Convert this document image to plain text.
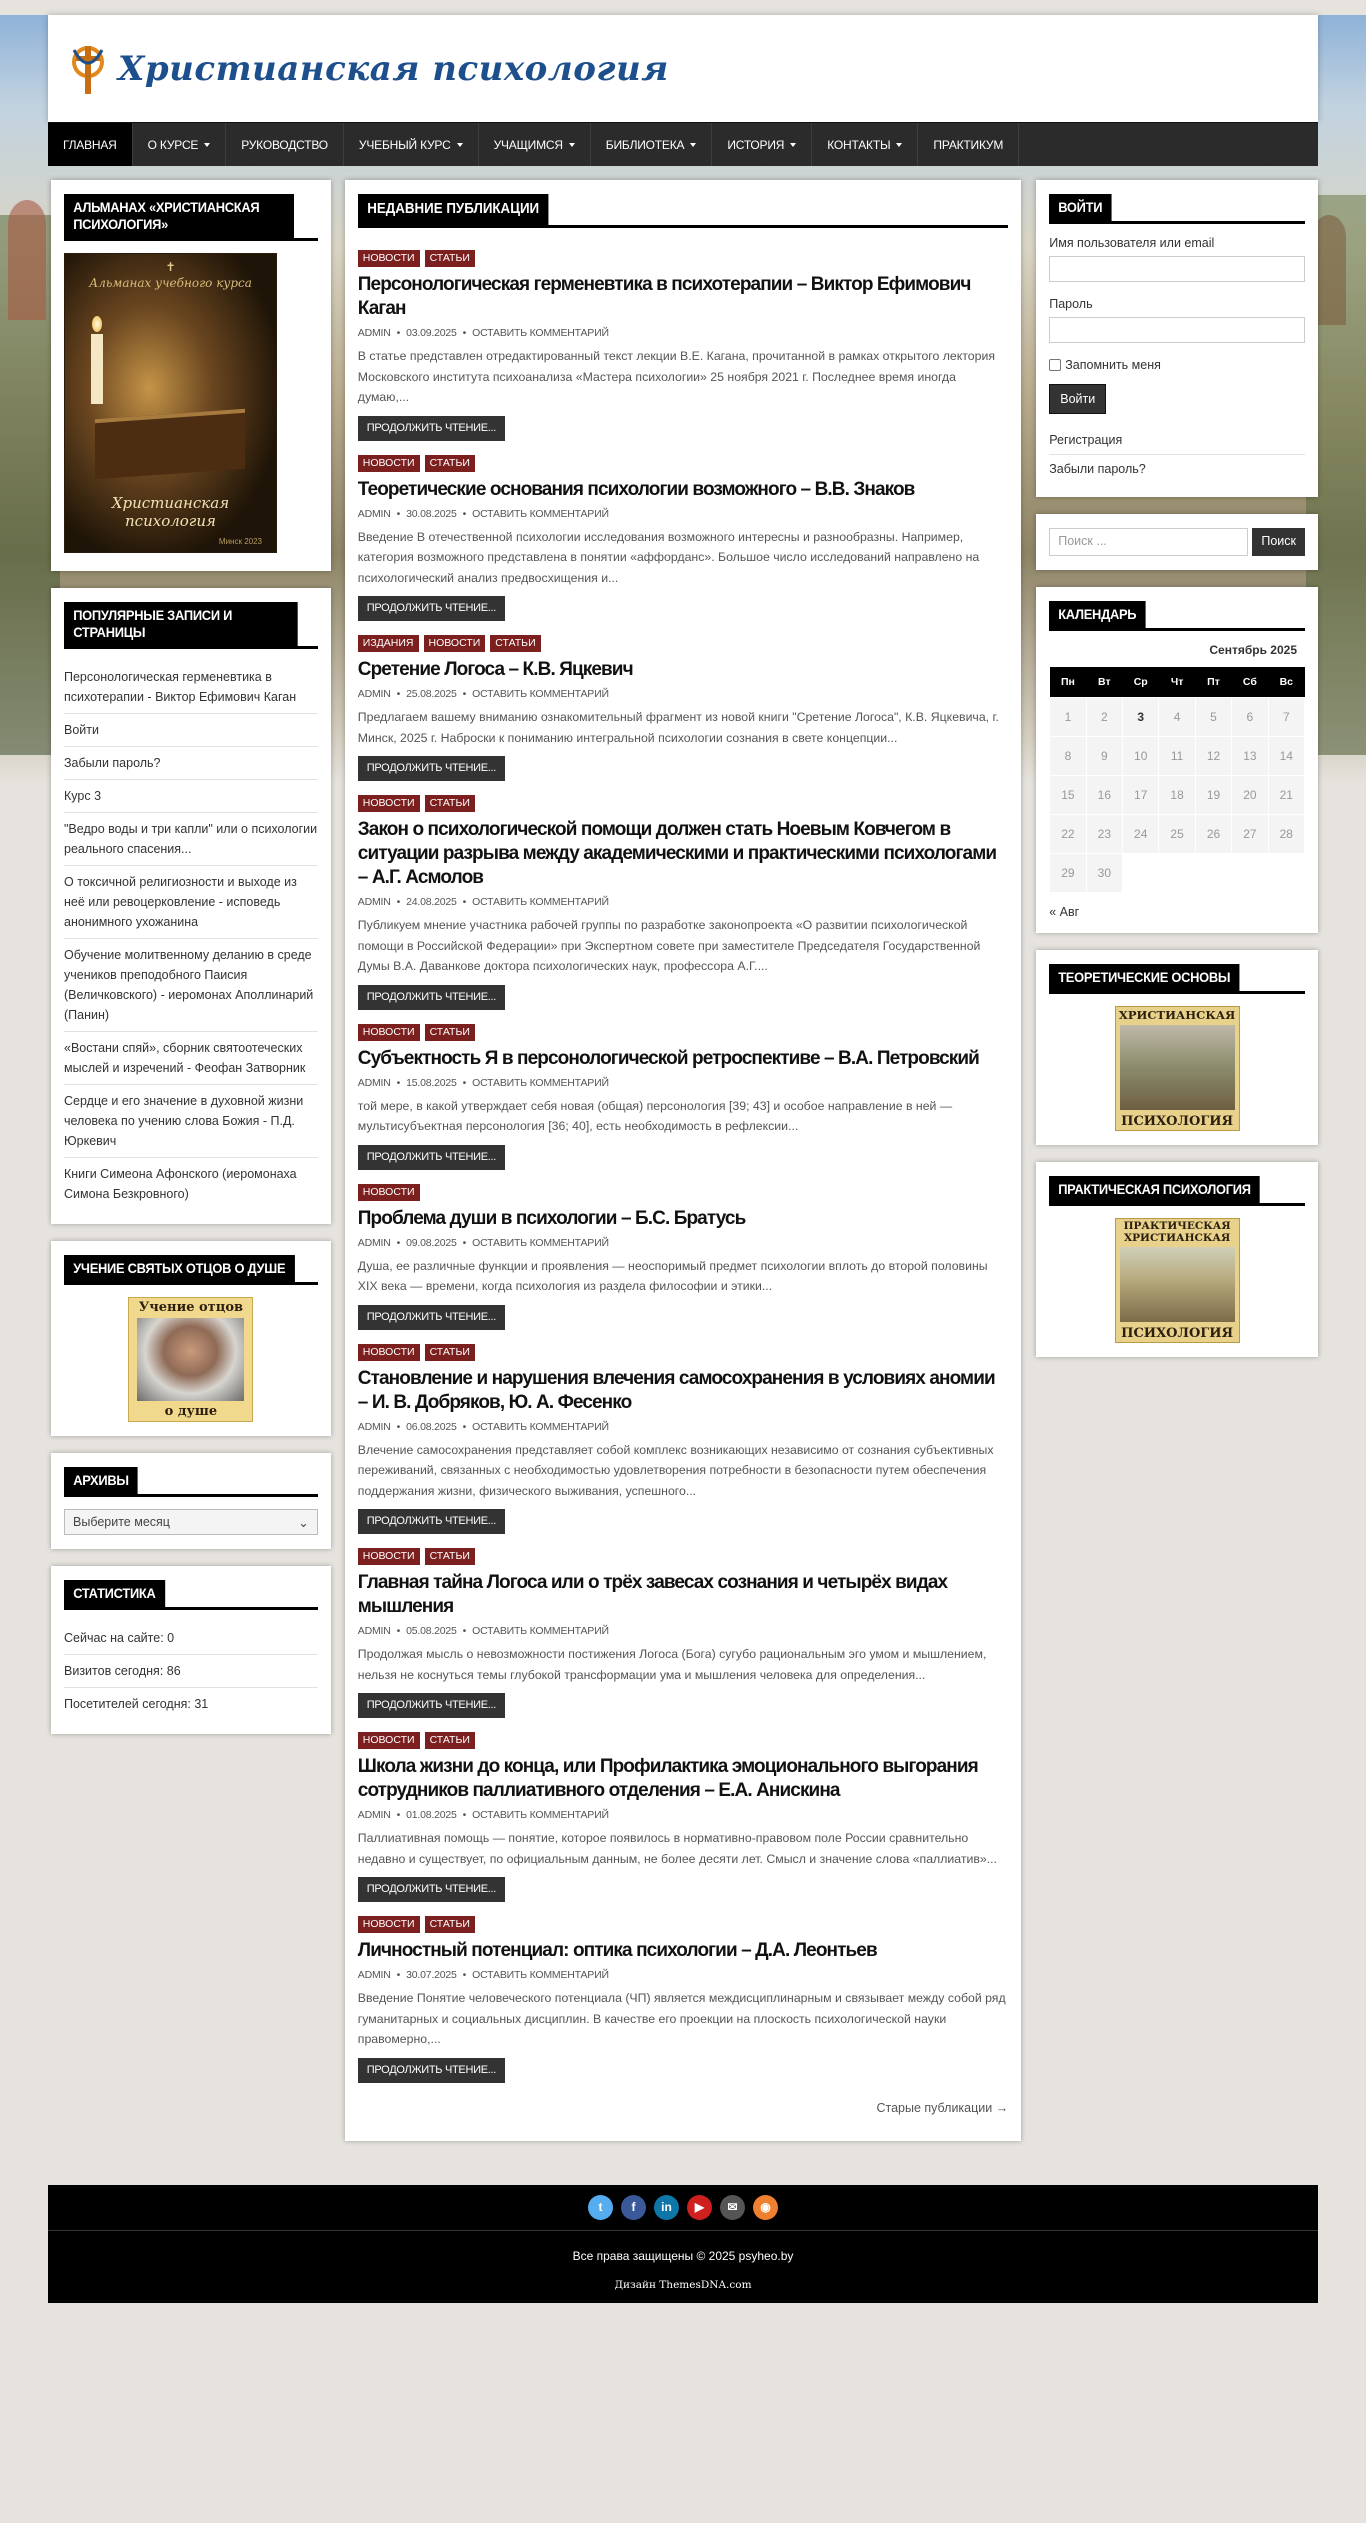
Христианская психология
ГЛАВНАЯ	О КУРСЕ	РУКОВОДСТВО	УЧЕБНЫЙ КУРС	УЧАЩИМСЯ	БИБЛИОТЕКА	ИСТОРИЯ	КОНТАКТЫ	ПРАКТИКУМ
АЛЬМАНАХ «ХРИСТИАНСКАЯ ПСИХОЛОГИЯ»
✝
Альманах учебного курса
Христианская психология
Минск 2023
ПОПУЛЯРНЫЕ ЗАПИСИ И СТРАНИЦЫ
Персонологическая герменевтика в психотерапии - Виктор Ефимович Каган
Войти
Забыли пароль?
Курс 3
"Ведро воды и три капли" или о психологии реального спасения...
О токсичной религиозности и выходе из неё или ревоцерковление - исповедь анонимного ухожанина
Обучение молитвенному деланию в среде учеников преподобного Паисия (Величковского) - иеромонах Аполлинарий (Панин)
«Востани спяй», сборник святоотеческих мыслей и изречений - Феофан Затворник
Сердце и его значение в духовной жизни человека по учению слова Божия - П.Д. Юркевич
Книги Симеона Афонского (иеромонаха Симона Безкровного)
УЧЕНИЕ СВЯТЫХ ОТЦОВ О ДУШЕ
Учение отцов
о душе
АРХИВЫ
Выберите месяц	⌄
СТАТИСТИКА
Сейчас на сайте: 0
Визитов сегодня: 86
Посетителей сегодня: 31
НЕДАВНИЕ ПУБЛИКАЦИИ
НОВОСТИ	СТАТЬИ
Персонологическая герменевтика в психотерапии – Виктор Ефимович Каган
ADMIN • 03.09.2025 • ОСТАВИТЬ КОММЕНТАРИЙ

В статье представлен отредактированный текст лекции В.Е. Кагана, прочитанной в рамках открытого лектория Московского института психоанализа «Мастера психологии» 25 ноября 2021 г. Последнее время иногда думаю,...

ПРОДОЛЖИТЬ ЧТЕНИЕ...
НОВОСТИ	СТАТЬИ
Теоретические основания психологии возможного – В.В. Знаков
ADMIN • 30.08.2025 • ОСТАВИТЬ КОММЕНТАРИЙ

Введение В отечественной психологии исследования возможного интересны и разнообразны. Например, категория возможного представлена в понятии «аффорданс». Большое число исследований направлено на психологический анализ предвосхищения и...

ПРОДОЛЖИТЬ ЧТЕНИЕ...
ИЗДАНИЯ	НОВОСТИ	СТАТЬИ
Сретение Логоса – К.В. Яцкевич
ADMIN • 25.08.2025 • ОСТАВИТЬ КОММЕНТАРИЙ

Предлагаем вашему вниманию ознакомительный фрагмент из новой книги "Сретение Логоса", К.В. Яцкевича, г. Минск, 2025 г. Наброски к пониманию интегральной психологии сознания в свете концепции...

ПРОДОЛЖИТЬ ЧТЕНИЕ...
НОВОСТИ	СТАТЬИ
Закон о психологической помощи должен стать Ноевым Ковчегом в ситуации разрыва между академическими и практическими психологами – А.Г. Асмолов
ADMIN • 24.08.2025 • ОСТАВИТЬ КОММЕНТАРИЙ

Публикуем мнение участника рабочей группы по разработке законопроекта «О развитии психологической помощи в Российской Федерации» при Экспертном совете при заместителе Председателя Государственной Думы В.А. Даванкове доктора психологических наук, профессора А.Г....

ПРОДОЛЖИТЬ ЧТЕНИЕ...
НОВОСТИ	СТАТЬИ
Субъектность Я в персонологической ретроспективе – В.А. Петровский
ADMIN • 15.08.2025 • ОСТАВИТЬ КОММЕНТАРИЙ

той мере, в какой утверждает себя новая (общая) персонология [39; 43] и особое направление в ней — мультисубъектная персонология [36; 40], есть необходимость в рефлексии...

ПРОДОЛЖИТЬ ЧТЕНИЕ...
НОВОСТИ
Проблема души в психологии – Б.С. Братусь
ADMIN • 09.08.2025 • ОСТАВИТЬ КОММЕНТАРИЙ

Душа, ее различные функции и проявления — неоспоримый предмет психологии вплоть до второй половины XIX века — времени, когда психология из раздела философии и этики...

ПРОДОЛЖИТЬ ЧТЕНИЕ...
НОВОСТИ	СТАТЬИ
Становление и нарушения влечения самосохранения в условиях аномии – И. В. Добряков, Ю. А. Фесенко
ADMIN • 06.08.2025 • ОСТАВИТЬ КОММЕНТАРИЙ

Влечение самосохранения представляет собой комплекс возникающих независимо от сознания субъективных переживаний, связанных с необходимостью удовлетворения потребности в безопасности путем обеспечения поддержания жизни, физического выживания, успешного...

ПРОДОЛЖИТЬ ЧТЕНИЕ...
НОВОСТИ	СТАТЬИ
Главная тайна Логоса или о трёх завесах сознания и четырёх видах мышления
ADMIN • 05.08.2025 • ОСТАВИТЬ КОММЕНТАРИЙ

Продолжая мысль о невозможности постижения Логоса (Бога) сугубо рациональным эго умом и мышлением, нельзя не коснуться темы глубокой трансформации ума и мышления человека для определения...

ПРОДОЛЖИТЬ ЧТЕНИЕ...
НОВОСТИ	СТАТЬИ
Школа жизни до конца, или Профилактика эмоционального выгорания сотрудников паллиативного отделения – Е.А. Анискина
ADMIN • 01.08.2025 • ОСТАВИТЬ КОММЕНТАРИЙ

Паллиативная помощь — понятие, которое появилось в нормативно-правовом поле России сравнительно недавно и существует, по официальным данным, не более десяти лет. Смысл и значение слова «паллиатив»...

ПРОДОЛЖИТЬ ЧТЕНИЕ...
НОВОСТИ	СТАТЬИ
Личностный потенциал: оптика психологии – Д.А. Леонтьев
ADMIN • 30.07.2025 • ОСТАВИТЬ КОММЕНТАРИЙ

Введение Понятие человеческого потенциала (ЧП) является междисциплинарным и связывает между собой ряд гуманитарных и социальных дисциплин. В качестве его проекции на плоскость психологической науки правомерно,...

ПРОДОЛЖИТЬ ЧТЕНИЕ...
Старые публикации →
ВОЙТИ
Имя пользователя или email
Пароль
Запомнить меня
Войти
Регистрация
Забыли пароль?
Поиск ...	Поиск
КАЛЕНДАРЬ
Сентябрь 2025
Пн	Вт	Ср	Чт	Пт	Сб	Вс
1	2	3	4	5	6	7
8	9	10	11	12	13	14
15	16	17	18	19	20	21
22	23	24	25	26	27	28
29	30					
« Авг
ТЕОРЕТИЧЕСКИЕ ОСНОВЫ
ХРИСТИАНСКАЯ
ПСИХОЛОГИЯ
ПРАКТИЧЕСКАЯ ПСИХОЛОГИЯ
ПРАКТИЧЕСКАЯ ХРИСТИАНСКАЯ
ПСИХОЛОГИЯ
t	f	in	▶	✉	◉
Все права защищены © 2025 psyheo.by
Дизайн ThemesDNA.com
